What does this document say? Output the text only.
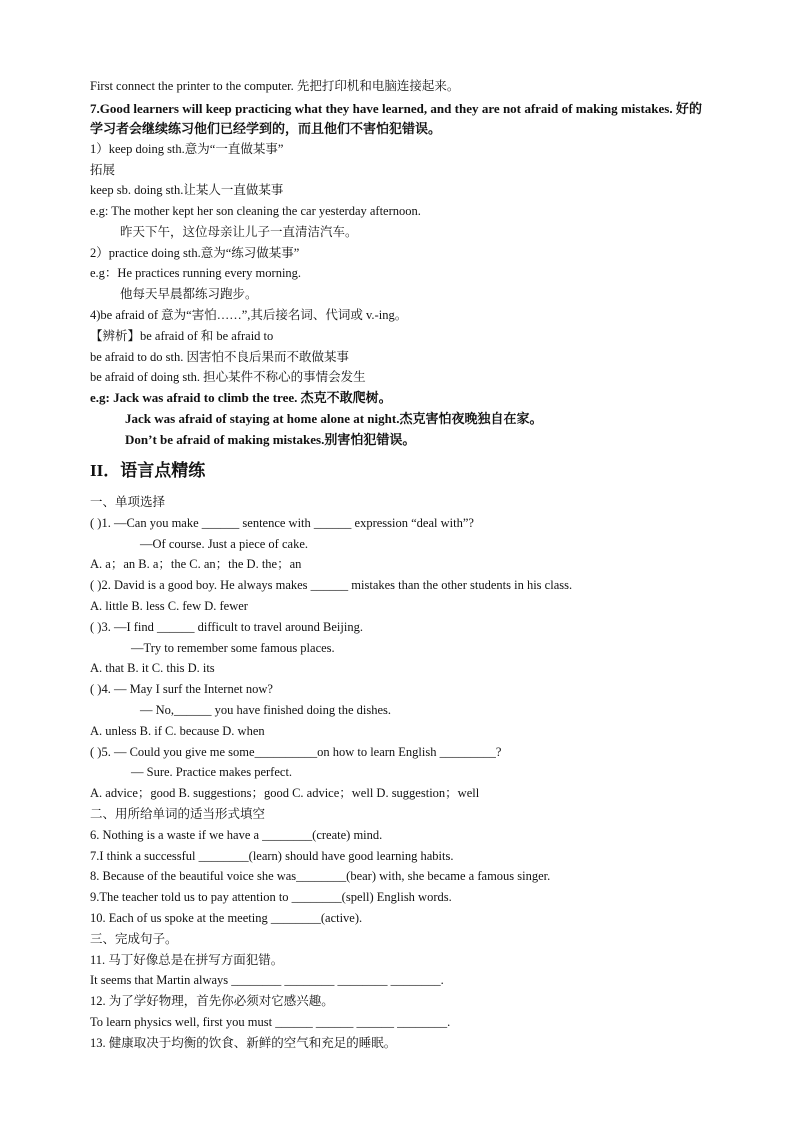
First connect the printer to the computer. 先把打印机和电脑连接起来。
7.Good learners will keep practicing what they have learned, and they are not afraid of making mistakes. 好的学习者会继续练习他们已经学到的，而且他们不害怕犯错误。
1）keep doing sth.意为“一直做某事”
拓展
keep sb. doing sth.让某人一直做某事
e.g: The mother kept her son cleaning the car yesterday afternoon.
昨天下午，这位母亲让儿子一直清洁汽车。
2）practice doing sth.意为“练习做某事”
e.g：He practices running every morning.
他每天早晨都练习跑步。
4)be afraid of 意为“害怕……”,其后接名词、代词或 v.-ing。
【辨析】be afraid of 和 be afraid to
be afraid to do sth. 因害怕不良后果而不敢做某事
be afraid of doing sth. 担心某件不称心的事情会发生
e.g: Jack was afraid to climb the tree. 杰克不敢爬树。
Jack was afraid of staying at home alone at night.杰克害怕夜晚独自在家。
Don’t be afraid of making mistakes.别害怕犯错误。
II．语言点精练
一、单项选择
( )1. —Can you make ______ sentence with ______ expression “deal with”?
—Of course. Just a piece of cake.
A. a；an B. a；the C. an；the D. the；an
( )2. David is a good boy. He always makes ______ mistakes than the other students in his class.
A. little B. less C. few D. fewer
( )3. —I find ______ difficult to travel around Beijing.
—Try to remember some famous places.
A. that B. it C. this D. its
( )4. — May I surf the Internet now?
— No,______ you have finished doing the dishes.
A. unless B. if C. because D. when
( )5. — Could you give me some__________on how to learn English _________?
— Sure. Practice makes perfect.
A. advice；good B. suggestions；good C. advice；well D. suggestion；well
二、用所给单词的适当形式填空
6. Nothing is a waste if we have a ________(create) mind.
7.I think a successful ________(learn) should have good learning habits.
8. Because of the beautiful voice she was________(bear) with, she became a famous singer.
9.The teacher told us to pay attention to ________(spell) English words.
10. Each of us spoke at the meeting ________(active).
三、完成句子。
11. 马丁好像总是在拼写方面犯错。
It seems that Martin always ________ ________ ________ ________.
12. 为了学好物理，首先你必须对它感兴趣。
To learn physics well, first you must ______ ______ ______ ________.
13. 健康取决于均衡的饮食、新鲜的空气和充足的睡眠。
